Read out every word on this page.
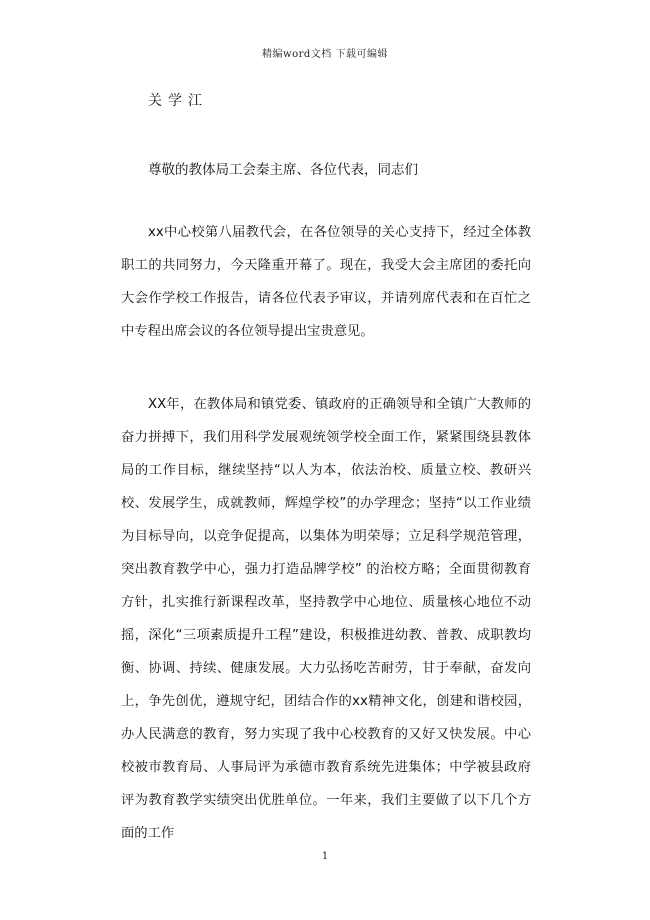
精编word文档 下载可编辑
关学江
尊敬的教体局工会秦主席、各位代表，同志们

xx中心校第八届教代会，在各位领导的关心支持下，经过全体教职工的共同努力，今天隆重开幕了。现在，我受大会主席团的委托向大会作学校工作报告，请各位代表予审议，并请列席代表和在百忙之中专程出席会议的各位领导提出宝贵意见。

XX年，在教体局和镇党委、镇政府的正确领导和全镇广大教师的奋力拼搏下，我们用科学发展观统领学校全面工作，紧紧围绕县教体局的工作目标，继续坚持“以人为本，依法治校、质量立校、教研兴校、发展学生，成就教师，辉煌学校”的办学理念；坚持“以工作业绩为目标导向，以竞争促提高，以集体为明荣辱；立足科学规范管理，突出教育教学中心，强力打造品牌学校” 的治校方略；全面贯彻教育方针，扎实推行新课程改革，坚持教学中心地位、质量核心地位不动摇，深化“三项素质提升工程”建设，积极推进幼教、普教、成职教均衡、协调、持续、健康发展。大力弘扬吃苦耐劳，甘于奉献，奋发向上，争先创优，遵规守纪，团结合作的xx精神文化，创建和谐校园，办人民满意的教育，努力实现了我中心校教育的又好又快发展。中心校被市教育局、人事局评为承德市教育系统先进集体；中学被县政府评为教育教学实绩突出优胜单位。一年来，我们主要做了以下几个方面的工作

1
